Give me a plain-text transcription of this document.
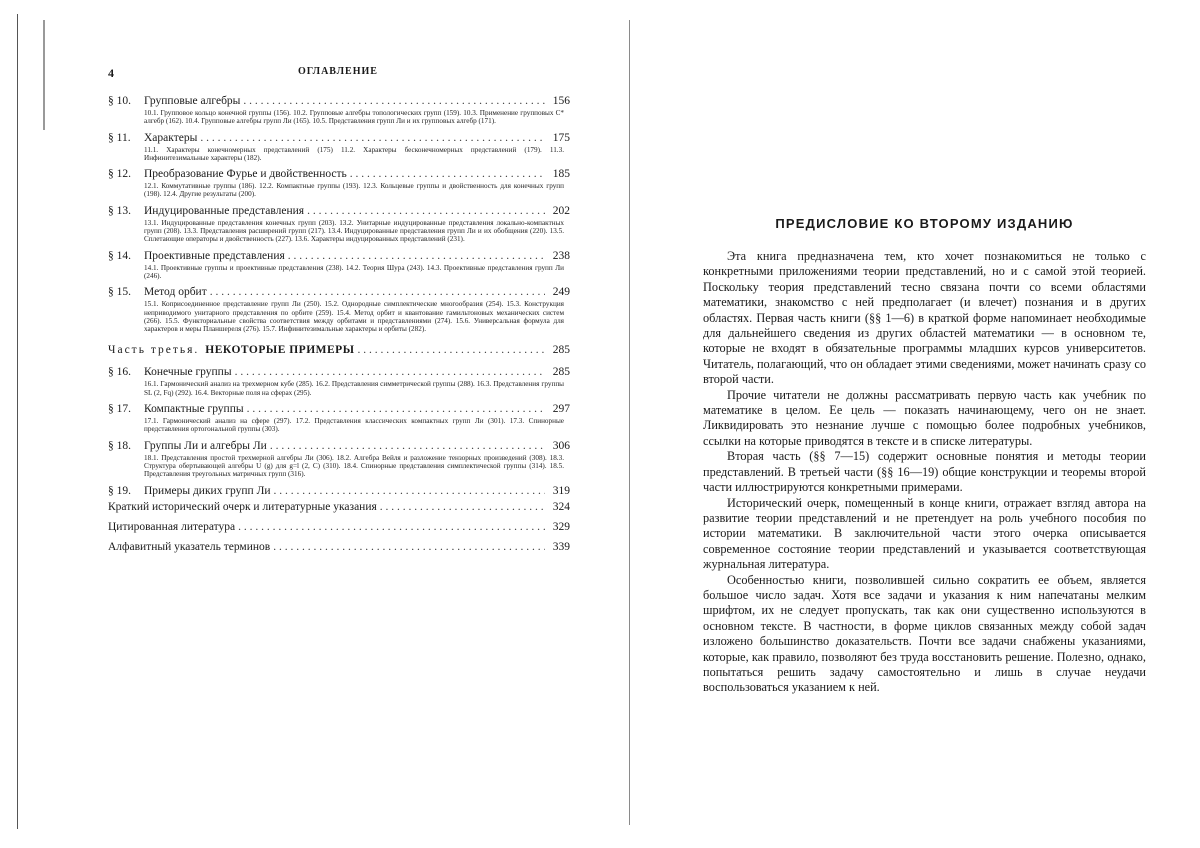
4	ОГЛАВЛЕНИЕ
§ 10.	Групповые алгебры . . .	156
10.1. Групповое кольцо конечной группы (156). 10.2. Групповые алгебры топологических групп (159). 10.3. Применение групповых C* алгебр (162). 10.4. Групповые алгебры групп Ли (165). 10.5. Представления групп Ли и их групповых алгебр (171).
§ 11.	Характеры . . .	175
11.1. Характеры конечномерных представлений (175) 11.2. Характеры бесконечномерных представлений (179). 11.3. Инфинитезимальные характеры (182).
§ 12.	Преобразование Фурье и двойственность . . .	185
12.1. Коммутативные группы (186). 12.2. Компактные группы (193). 12.3. Кольцевые группы и двойственность для конечных групп (198). 12.4. Другие результаты (200).
§ 13.	Индуцированные представления . . .	202
13.1. Индуцированные представления конечных групп (203). 13.2. Унитарные индуцированные представления локально-компактных групп (208). 13.3. Представления расширений групп (217). 13.4. Индуцированные представления групп Ли и их обобщения (220). 13.5. Сплетающие операторы и двойственность (227). 13.6. Характеры индуцированных представлений (231).
§ 14.	Проективные представления . . .	238
14.1. Проективные группы и проективные представления (238). 14.2. Теория Шура (243). 14.3. Проективные представления групп Ли (246).
§ 15.	Метод орбит . . .	249
15.1. Коприсоединенное представление групп Ли (250). 15.2. Однородные симплектические многообразия (254). 15.3. Конструкция неприводимого унитарного представления по орбите (259). 15.4. Метод орбит и квантование гамильтоновых механических систем (266). 15.5. Функториальные свойства соответствия между орбитами и представлениями (274). 15.6. Универсальная формула для характеров и меры Планшереля (276). 15.7. Инфинитезимальные характеры и орбиты (282).
Часть третья. НЕКОТОРЫЕ ПРИМЕРЫ . . .	285
§ 16.	Конечные группы . . .	285
16.1. Гармонический анализ на трехмерном кубе (285). 16.2. Представления симметрической группы (288). 16.3. Представления группы SL (2, Fq) (292). 16.4. Векторные поля на сферах (295).
§ 17.	Компактные группы . . .	297
17.1. Гармонический анализ на сфере (297). 17.2. Представления классических компактных групп Ли (301). 17.3. Спинорные представления ортогональной группы (303).
§ 18.	Группы Ли и алгебры Ли . . .	306
18.1. Представления простой трехмерной алгебры Ли (306). 18.2. Алгебра Вейля и разложение тензорных произведений (308). 18.3. Структура обертывающей алгебры U (g) для g=l (2, C) (310). 18.4. Спинорные представления симплектической группы (314). 18.5. Представления треугольных матричных групп (316).
§ 19.	Примеры диких групп Ли . . .	319
Краткий исторический очерк и литературные указания . . .	324
Цитированная литература . . .	329
Алфавитный указатель терминов . . .	339
ПРЕДИСЛОВИЕ КО ВТОРОМУ ИЗДАНИЮ

Эта книга предназначена тем, кто хочет познакомиться не только с конкретными приложениями теории представлений, но и с самой этой теорией. Поскольку теория представлений тесно связана почти со всеми областями математики, знакомство с ней предполагает (и влечет) познания и в других областях. Первая часть книги (§§ 1—6) в краткой форме напоминает необходимые для дальнейшего сведения из других областей математики — в основном те, которые не входят в обязательные программы младших курсов университетов. Читатель, полагающий, что он обладает этими сведениями, может начинать сразу со второй части.

Прочие читатели не должны рассматривать первую часть как учебник по математике в целом. Ее цель — показать начинающему, чего он не знает. Ликвидировать это незнание лучше с помощью более подробных учебников, ссылки на которые приводятся в тексте и в списке литературы.

Вторая часть (§§ 7—15) содержит основные понятия и методы теории представлений. В третьей части (§§ 16—19) общие конструкции и теоремы второй части иллюстрируются конкретными примерами.

Исторический очерк, помещенный в конце книги, отражает взгляд автора на развитие теории представлений и не претендует на роль учебного пособия по истории математики. В заключительной части этого очерка описывается современное состояние теории представлений и указывается соответствующая журнальная литература.

Особенностью книги, позволившей сильно сократить ее объем, является большое число задач. Хотя все задачи и указания к ним напечатаны мелким шрифтом, их не следует пропускать, так как они существенно используются в основном тексте. В частности, в форме циклов связанных между собой задач изложено большинство доказательств. Почти все задачи снабжены указаниями, которые, как правило, позволяют без труда восстановить решение. Полезно, однако, попытаться решить задачу самостоятельно и лишь в случае неудачи воспользоваться указанием к ней.
